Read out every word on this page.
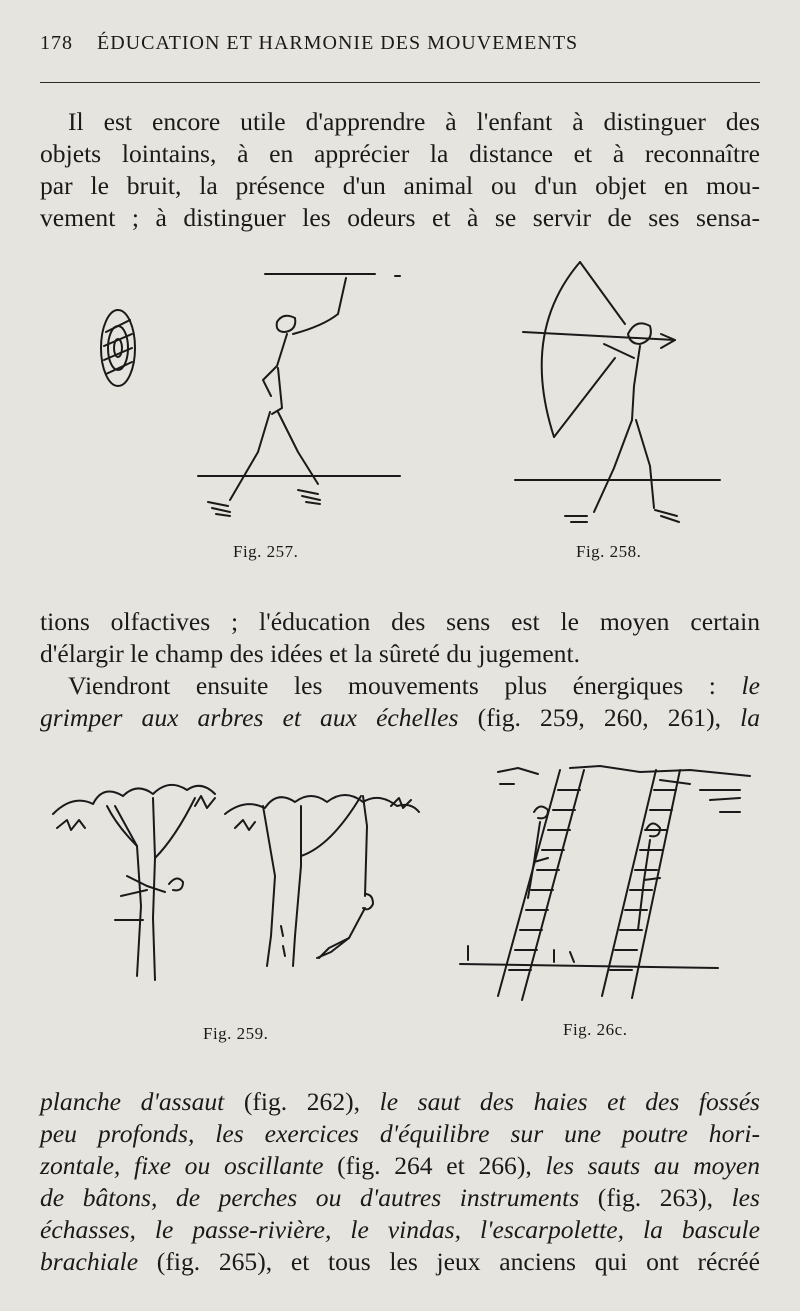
178 ÉDUCATION ET HARMONIE DES MOUVEMENTS

Il est encore utile d'apprendre à l'enfant à distinguer des
objets lointains, à en apprécier la distance et à reconnaître
par le bruit, la présence d'un animal ou d'un objet en mou-
vement ; à distinguer les odeurs et à se servir de ses sensa-

Fig. 257.	Fig. 258.

tions olfactives ; l'éducation des sens est le moyen certain
d'élargir le champ des idées et la sûreté du jugement.

Viendront ensuite les mouvements plus énergiques : le
grimper aux arbres et aux échelles (fig. 259, 260, 261), la

Fig. 259.	Fig. 26c.

planche d'assaut (fig. 262), le saut des haies et des fossés
peu profonds, les exercices d'équilibre sur une poutre hori-
zontale, fixe ou oscillante (fig. 264 et 266), les sauts au moyen
de bâtons, de perches ou d'autres instruments (fig. 263), les
échasses, le passe-rivière, le vindas, l'escarpolette, la bascule
brachiale (fig. 265), et tous les jeux anciens qui ont récréé
